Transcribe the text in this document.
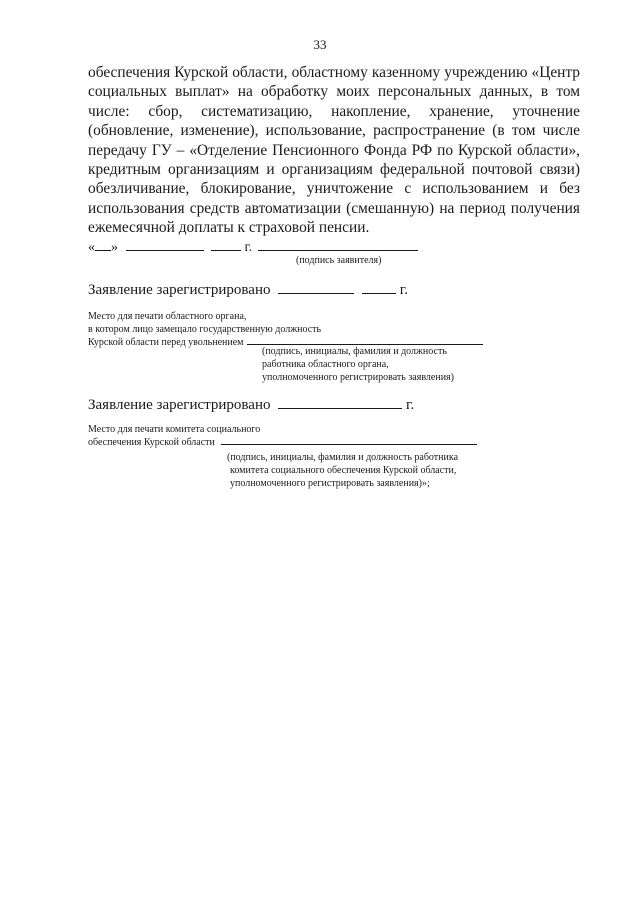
33

обеспечения Курской области, областному казенному учреждению «Центр социальных выплат» на обработку моих персональных данных, в том числе: сбор, систематизацию, накопление, хранение, уточнение (обновление, изменение), использование, распространение (в том числе передачу ГУ – «Отделение Пенсионного Фонда РФ по Курской области», кредитным организациям и организациям федеральной почтовой связи) обезличивание, блокирование, уничтожение с использованием и без использования средств автоматизации (смешанную) на период получения ежемесячной доплаты к страховой пенсии.

« »	г.
(подпись заявителя)
Заявление зарегистрировано	г.
Место для печати областного органа,
в котором лицо замещало государственную должность
Курской области перед увольнением
(подпись, инициалы, фамилия и должность
работника областного органа,
уполномоченного регистрировать заявления)
Заявление зарегистрировано	г.
Место для печати комитета социального
обеспечения Курской области
(подпись, инициалы, фамилия и должность работника
комитета социального обеспечения Курской области,
уполномоченного регистрировать заявления)»;
